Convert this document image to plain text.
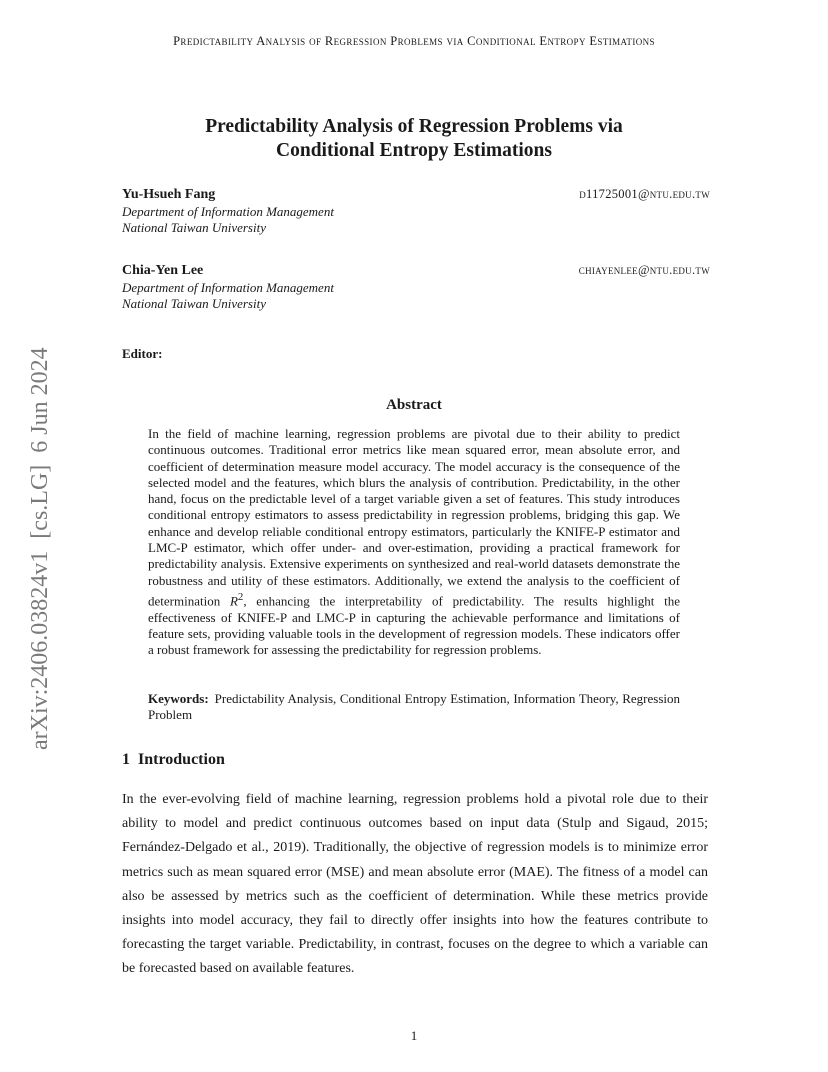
Predictability Analysis of Regression Problems via Conditional Entropy Estimations
arXiv:2406.03824v1  [cs.LG]  6 Jun 2024
Predictability Analysis of Regression Problems via
Conditional Entropy Estimations
Yu-Hsueh Fang	d11725001@ntu.edu.tw
Department of Information Management
National Taiwan University
Chia-Yen Lee	chiayenlee@ntu.edu.tw
Department of Information Management
National Taiwan University
Editor:
Abstract

In the field of machine learning, regression problems are pivotal due to their ability to predict continuous outcomes. Traditional error metrics like mean squared error, mean absolute error, and coefficient of determination measure model accuracy. The model accuracy is the consequence of the selected model and the features, which blurs the analysis of contribution. Predictability, in the other hand, focus on the predictable level of a target variable given a set of features. This study introduces conditional entropy estimators to assess predictability in regression problems, bridging this gap. We enhance and develop reliable conditional entropy estimators, particularly the KNIFE-P estimator and LMC-P estimator, which offer under- and over-estimation, providing a practical framework for predictability analysis. Extensive experiments on synthesized and real-world datasets demonstrate the robustness and utility of these estimators. Additionally, we extend the analysis to the coefficient of determination $R^2$, enhancing the interpretability of predictability. The results highlight the effectiveness of KNIFE-P and LMC-P in capturing the achievable performance and limitations of feature sets, providing valuable tools in the development of regression models. These indicators offer a robust framework for assessing the predictability for regression problems.

Keywords: Predictability Analysis, Conditional Entropy Estimation, Information Theory, Regression Problem
1 Introduction

In the ever-evolving field of machine learning, regression problems hold a pivotal role due to their ability to model and predict continuous outcomes based on input data (Stulp and Sigaud, 2015; Fernández-Delgado et al., 2019). Traditionally, the objective of regression models is to minimize error metrics such as mean squared error (MSE) and mean absolute error (MAE). The fitness of a model can also be assessed by metrics such as the coefficient of determination. While these metrics provide insights into model accuracy, they fail to directly offer insights into how the features contribute to forecasting the target variable. Predictability, in contrast, focuses on the degree to which a variable can be forecasted based on available features.

1
